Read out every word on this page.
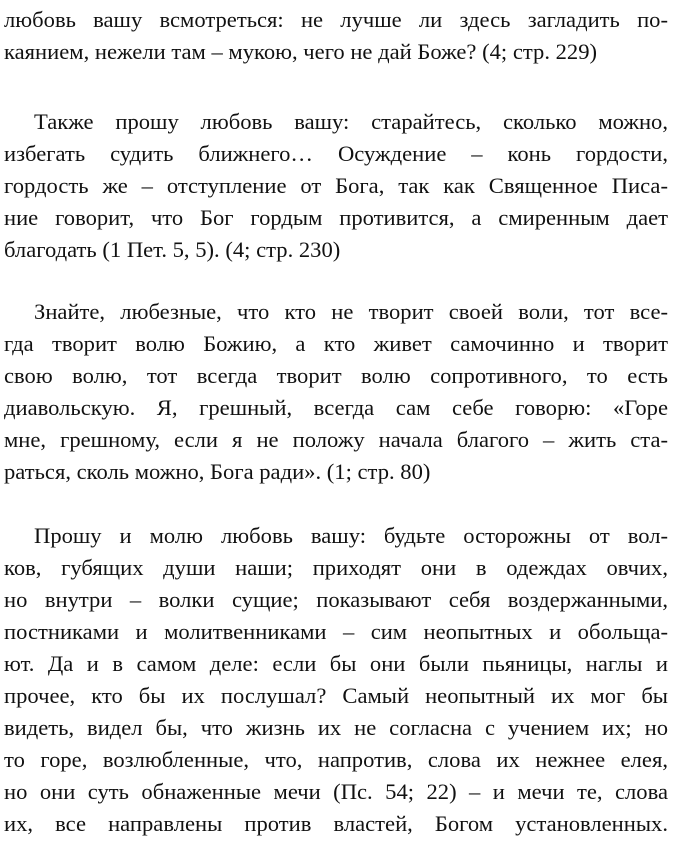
любовь вашу всмотреться: не лучше ли здесь загладить по-
каянием, нежели там – мукою, чего не дай Боже? (4; стр. 229)
Также прошу любовь вашу: старайтесь, сколько можно,
избегать судить ближнего… Осуждение – конь гордости,
гордость же – отступление от Бога, так как Священное Писа-
ние говорит, что Бог гордым противится, а смиренным дает
благодать (1 Пет. 5, 5). (4; стр. 230)
Знайте, любезные, что кто не творит своей воли, тот все-
гда творит волю Божию, а кто живет самочинно и творит
свою волю, тот всегда творит волю сопротивного, то есть
диавольскую. Я, грешный, всегда сам себе говорю: «Горе
мне, грешному, если я не положу начала благого – жить ста-
раться, сколь можно, Бога ради». (1; стр. 80)
Прошу и молю любовь вашу: будьте осторожны от вол-
ков, губящих души наши; приходят они в одеждах овчих,
но внутри – волки сущие; показывают себя воздержанными,
постниками и молитвенниками – сим неопытных и обольща-
ют. Да и в самом деле: если бы они были пьяницы, наглы и
прочее, кто бы их послушал? Самый неопытный их мог бы
видеть, видел бы, что жизнь их не согласна с учением их; но
то горе, возлюбленные, что, напротив, слова их нежнее елея,
но они суть обнаженные мечи (Пс. 54; 22) – и мечи те, слова
их, все направлены против властей, Богом установленных.
